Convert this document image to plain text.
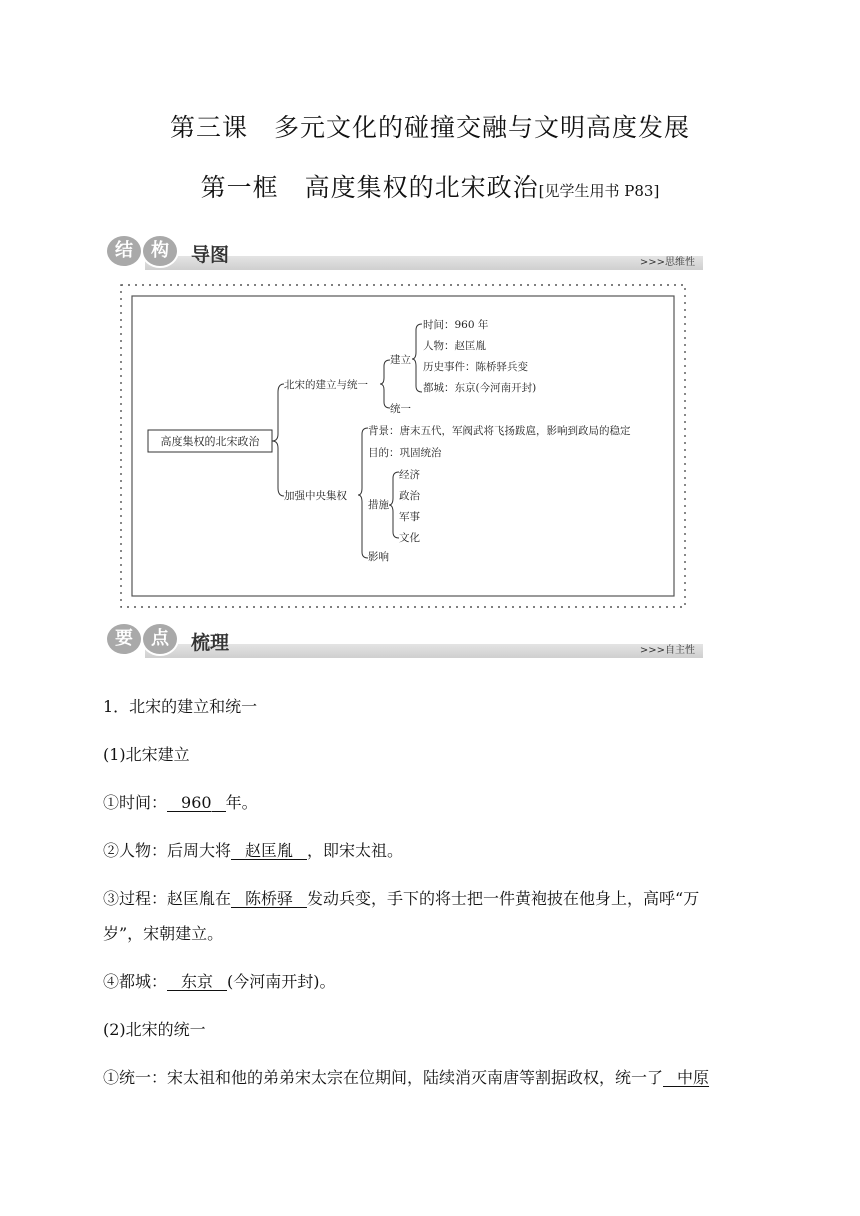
第三课　多元文化的碰撞交融与文明高度发展
第一框　高度集权的北宋政治[见学生用书 P83]
>>>思维性
结	构	导图
高度集权的北宋政治
北宋的建立与统一
加强中央集权
建立
统一
时间：960 年
人物：赵匡胤
历史事件：陈桥驿兵变
都城：东京(今河南开封)
背景：唐末五代，军阀武将飞扬跋扈，影响到政局的稳定
目的：巩固统治
措施
影响
经济
政治
军事
文化
>>>自主性
要	点	梳理
1．北宋的建立和统一
(1)北宋建立
①时间： 960 年。
②人物：后周大将 赵匡胤 ，即宋太祖。
③过程：赵匡胤在 陈桥驿 发动兵变，手下的将士把一件黄袍披在他身上，高呼“万
岁”，宋朝建立。
④都城： 东京 (今河南开封)。
(2)北宋的统一
①统一：宋太祖和他的弟弟宋太宗在位期间，陆续消灭南唐等割据政权，统一了 中原
